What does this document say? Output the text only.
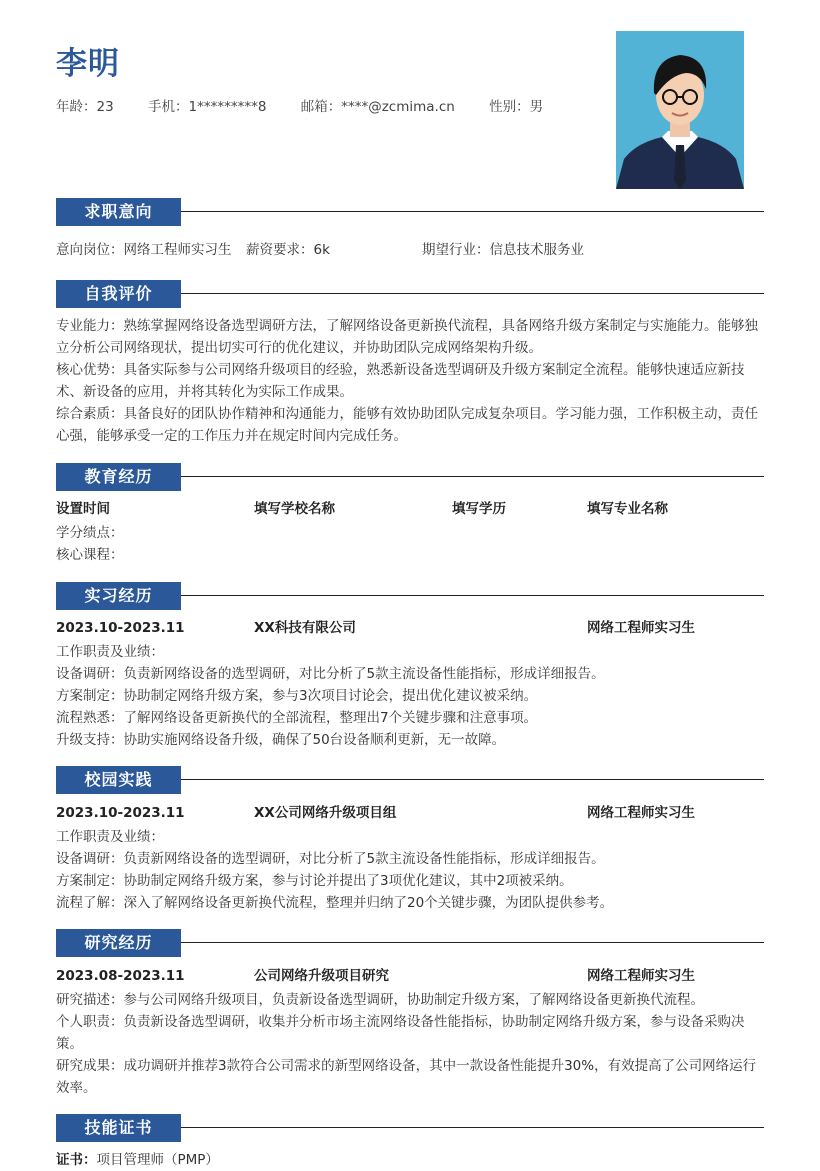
李明
年龄：23	手机：1*********8	邮箱：****@zcmima.cn	性别：男
求职意向
意向岗位：网络工程师实习生 薪资要求：6k	期望行业：信息技术服务业
自我评价

专业能力：熟练掌握网络设备选型调研方法，了解网络设备更新换代流程，具备网络升级方案制定与实施能力。能够独立分析公司网络现状，提出切实可行的优化建议，并协助团队完成网络架构升级。

核心优势：具备实际参与公司网络升级项目的经验，熟悉新设备选型调研及升级方案制定全流程。能够快速适应新技术、新设备的应用，并将其转化为实际工作成果。

综合素质：具备良好的团队协作精神和沟通能力，能够有效协助团队完成复杂项目。学习能力强，工作积极主动，责任心强，能够承受一定的工作压力并在规定时间内完成任务。

教育经历
设置时间	填写学校名称	填写学历	填写专业名称
学分绩点：
核心课程：
实习经历
2023.10-2023.11	XX科技有限公司	网络工程师实习生

工作职责及业绩：

设备调研：负责新网络设备的选型调研，对比分析了5款主流设备性能指标，形成详细报告。

方案制定：协助制定网络升级方案，参与3次项目讨论会，提出优化建议被采纳。

流程熟悉：了解网络设备更新换代的全部流程，整理出7个关键步骤和注意事项。

升级支持：协助实施网络设备升级，确保了50台设备顺利更新，无一故障。

校园实践
2023.10-2023.11	XX公司网络升级项目组	网络工程师实习生

工作职责及业绩：

设备调研：负责新网络设备的选型调研，对比分析了5款主流设备性能指标，形成详细报告。

方案制定：协助制定网络升级方案，参与讨论并提出了3项优化建议，其中2项被采纳。

流程了解：深入了解网络设备更新换代流程，整理并归纳了20个关键步骤，为团队提供参考。

研究经历
2023.08-2023.11	公司网络升级项目研究	网络工程师实习生

研究描述：参与公司网络升级项目，负责新设备选型调研，协助制定升级方案，了解网络设备更新换代流程。

个人职责：负责新设备选型调研，收集并分析市场主流网络设备性能指标，协助制定网络升级方案，参与设备采购决策。

研究成果：成功调研并推荐3款符合公司需求的新型网络设备，其中一款设备性能提升30%，有效提高了公司网络运行效率。

技能证书
证书：项目管理师（PMP）
